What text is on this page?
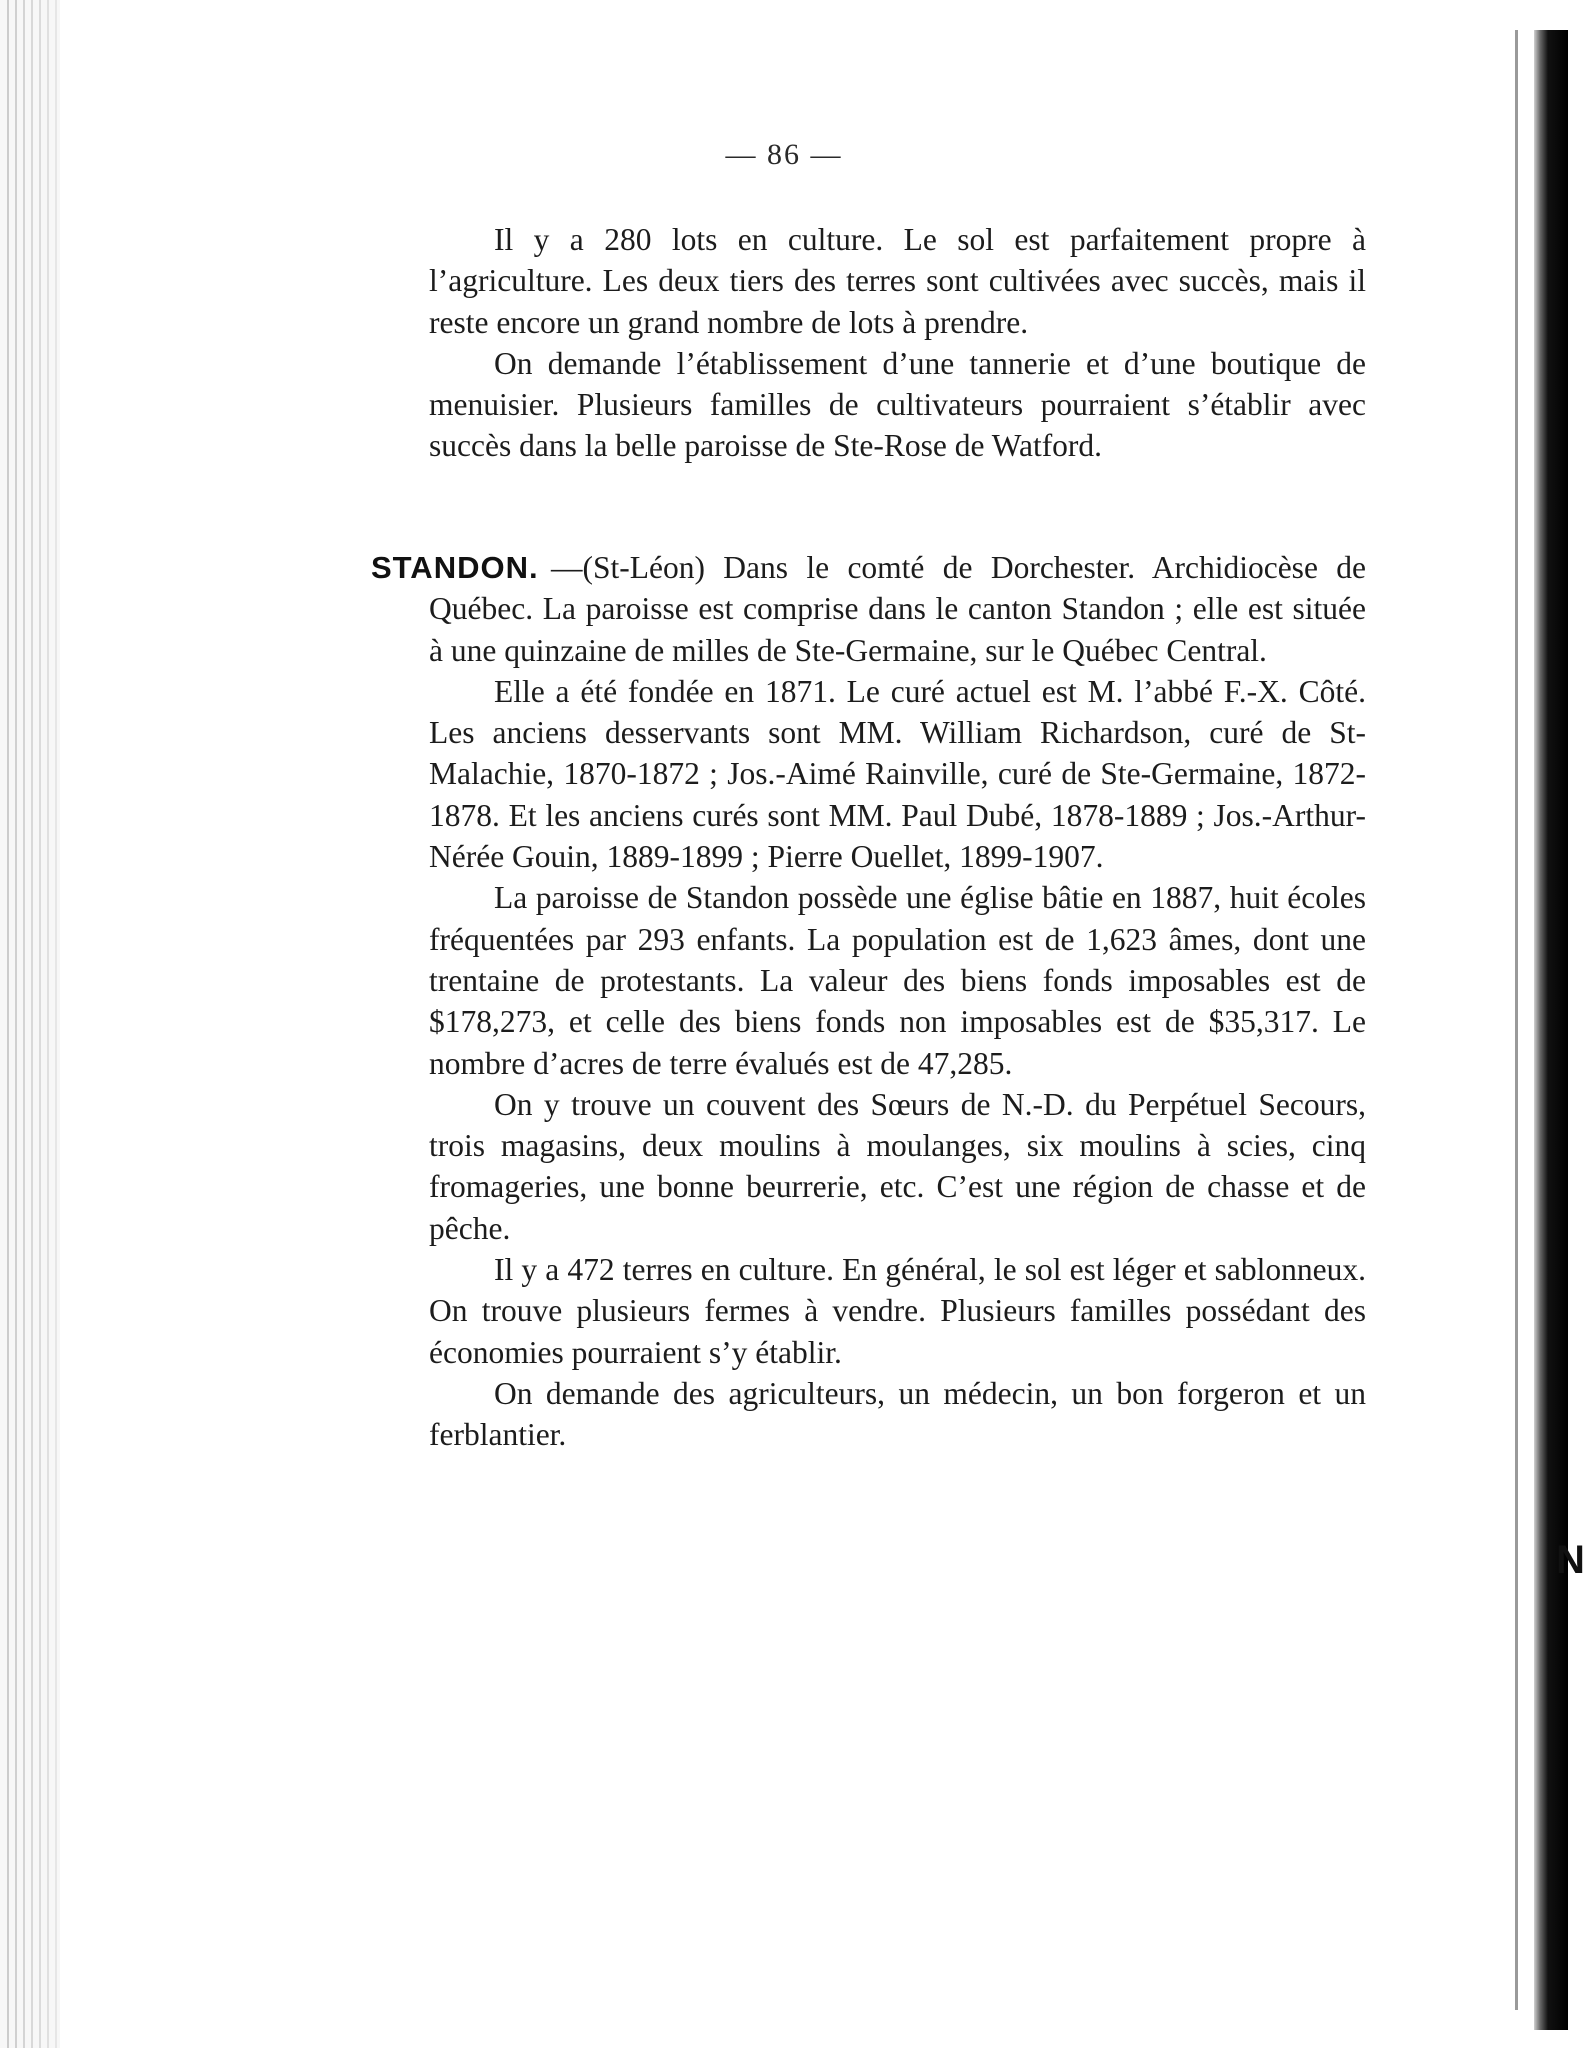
N
— 86 —

Il y a 280 lots en culture. Le sol est parfaitement propre à l’agriculture. Les deux tiers des terres sont cultivées avec succès, mais il reste encore un grand nombre de lots à prendre.

On demande l’établissement d’une tannerie et d’une boutique de menuisier. Plusieurs familles de cultivateurs pourraient s’établir avec succès dans la belle paroisse de Ste-Rose de Watford.

STANDON. —(St-Léon) Dans le comté de Dorchester. Archidiocèse de Québec. La paroisse est comprise dans le canton Standon ; elle est située à une quinzaine de milles de Ste-Germaine, sur le Québec Central.

Elle a été fondée en 1871. Le curé actuel est M. l’abbé F.-X. Côté. Les anciens desservants sont MM. William Richardson, curé de St-Malachie, 1870-1872 ; Jos.-Aimé Rainville, curé de Ste-Germaine, 1872-1878. Et les anciens curés sont MM. Paul Dubé, 1878-1889 ; Jos.-Arthur-Nérée Gouin, 1889-1899 ; Pierre Ouellet, 1899-1907.

La paroisse de Standon possède une église bâtie en 1887, huit écoles fréquentées par 293 enfants. La population est de 1,623 âmes, dont une trentaine de protestants. La valeur des biens fonds imposables est de $178,273, et celle des biens fonds non imposables est de $35,317. Le nombre d’acres de terre évalués est de 47,285.

On y trouve un couvent des Sœurs de N.-D. du Perpétuel Secours, trois magasins, deux moulins à moulanges, six moulins à scies, cinq fromageries, une bonne beurrerie, etc. C’est une région de chasse et de pêche.

Il y a 472 terres en culture. En général, le sol est léger et sablonneux. On trouve plusieurs fermes à vendre. Plusieurs familles possédant des économies pourraient s’y établir.

On demande des agriculteurs, un médecin, un bon forgeron et un ferblantier.
